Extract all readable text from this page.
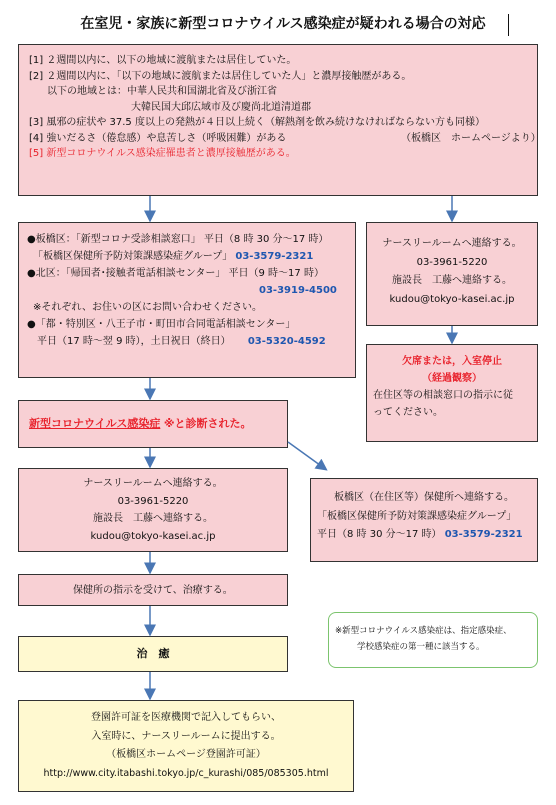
在室児・家族に新型コロナウイルス感染症が疑われる場合の対応
[1] ２週間以内に、以下の地域に渡航または居住していた。
[2] ２週間以内に、「以下の地域に渡航または居住していた人」と濃厚接触歴がある。
以下の地域とは：中華人民共和国湖北省及び浙江省
大韓民国大邱広域市及び慶尚北道清道郡
[3] 風邪の症状や 37.5 度以上の発熱が４日以上続く（解熱剤を飲み続けなければならない方も同様）
[4] 強いだるさ（倦怠感）や息苦しさ（呼吸困難）がある	（板橋区　ホームページより）
[5] 新型コロナウイルス感染症罹患者と濃厚接触歴がある。
●板橋区：「新型コロナ受診相談窓口」 平日（8 時 30 分〜17 時）
「板橋区保健所予防対策課感染症グループ」 03-3579-2321
●北区：「帰国者･接触者電話相談センター」 平日（9 時〜17 時）
03-3919-4500
※それぞれ、お住いの区にお問い合わせください。
●「都・特別区・八王子市・町田市合同電話相談センター」
平日（17 時〜翌 9 時），土日祝日（終日） 03-5320-4592
ナースリールームへ連絡する。
03-3961-5220
施設長　工藤へ連絡する。
kudou@tokyo-kasei.ac.jp
欠席または，入室停止
（経過観察）
在住区等の相談窓口の指示に従
ってください。
新型コロナウイルス感染症 ※と診断された。
ナースリールームへ連絡する。
03-3961-5220
施設長　工藤へ連絡する。
kudou@tokyo-kasei.ac.jp
板橋区（在住区等）保健所へ連絡する。
「板橋区保健所予防対策課感染症グループ」
平日（8 時 30 分〜17 時） 03-3579-2321
保健所の指示を受けて、治療する。
※新型コロナウイルス感染症は、指定感染症、
学校感染症の第一種に該当する。
治　癒
登園許可証を医療機関で記入してもらい、
入室時に、ナースリールームに提出する。
（板橋区ホームページ登園許可証）
http://www.city.itabashi.tokyo.jp/c_kurashi/085/085305.html
